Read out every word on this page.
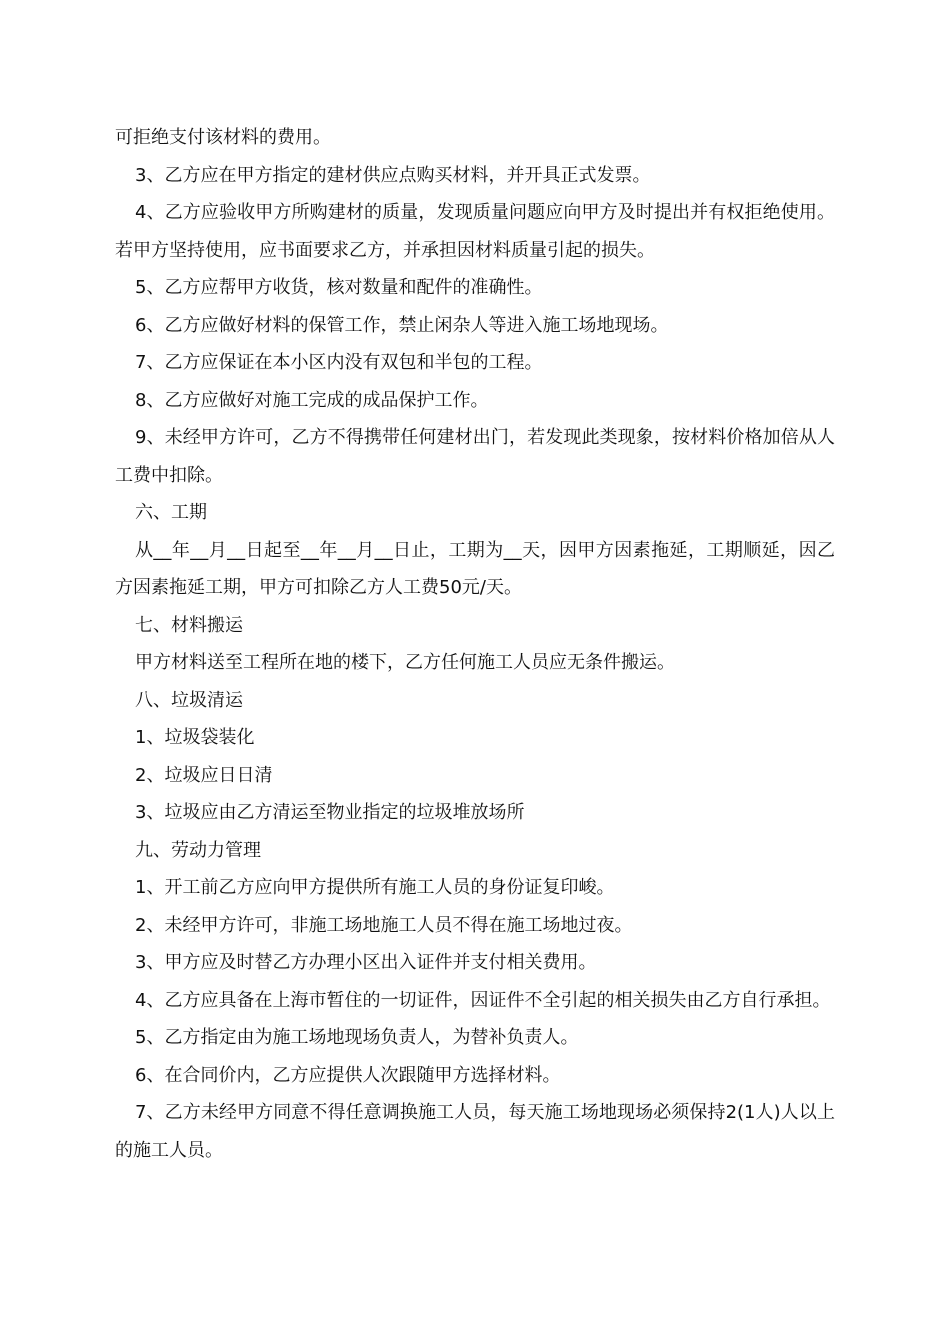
可拒绝支付该材料的费用。

3、乙方应在甲方指定的建材供应点购买材料，并开具正式发票。

4、乙方应验收甲方所购建材的质量，发现质量问题应向甲方及时提出并有权拒绝使用。若甲方坚持使用，应书面要求乙方，并承担因材料质量引起的损失。

5、乙方应帮甲方收货，核对数量和配件的准确性。

6、乙方应做好材料的保管工作，禁止闲杂人等进入施工场地现场。

7、乙方应保证在本小区内没有双包和半包的工程。

8、乙方应做好对施工完成的成品保护工作。

9、未经甲方许可，乙方不得携带任何建材出门，若发现此类现象，按材料价格加倍从人工费中扣除。

六、工期

从__年__月__日起至__年__月__日止，工期为__天，因甲方因素拖延，工期顺延，因乙方因素拖延工期，甲方可扣除乙方人工费50元/天。

七、材料搬运

甲方材料送至工程所在地的楼下，乙方任何施工人员应无条件搬运。

八、垃圾清运

1、垃圾袋装化

2、垃圾应日日清

3、垃圾应由乙方清运至物业指定的垃圾堆放场所

九、劳动力管理

1、开工前乙方应向甲方提供所有施工人员的身份证复印峻。

2、未经甲方许可，非施工场地施工人员不得在施工场地过夜。

3、甲方应及时替乙方办理小区出入证件并支付相关费用。

4、乙方应具备在上海市暂住的一切证件，因证件不全引起的相关损失由乙方自行承担。

5、乙方指定由为施工场地现场负责人，为替补负责人。

6、在合同价内，乙方应提供人次跟随甲方选择材料。

7、乙方未经甲方同意不得任意调换施工人员，每天施工场地现场必须保持2(1人)人以上的施工人员。
